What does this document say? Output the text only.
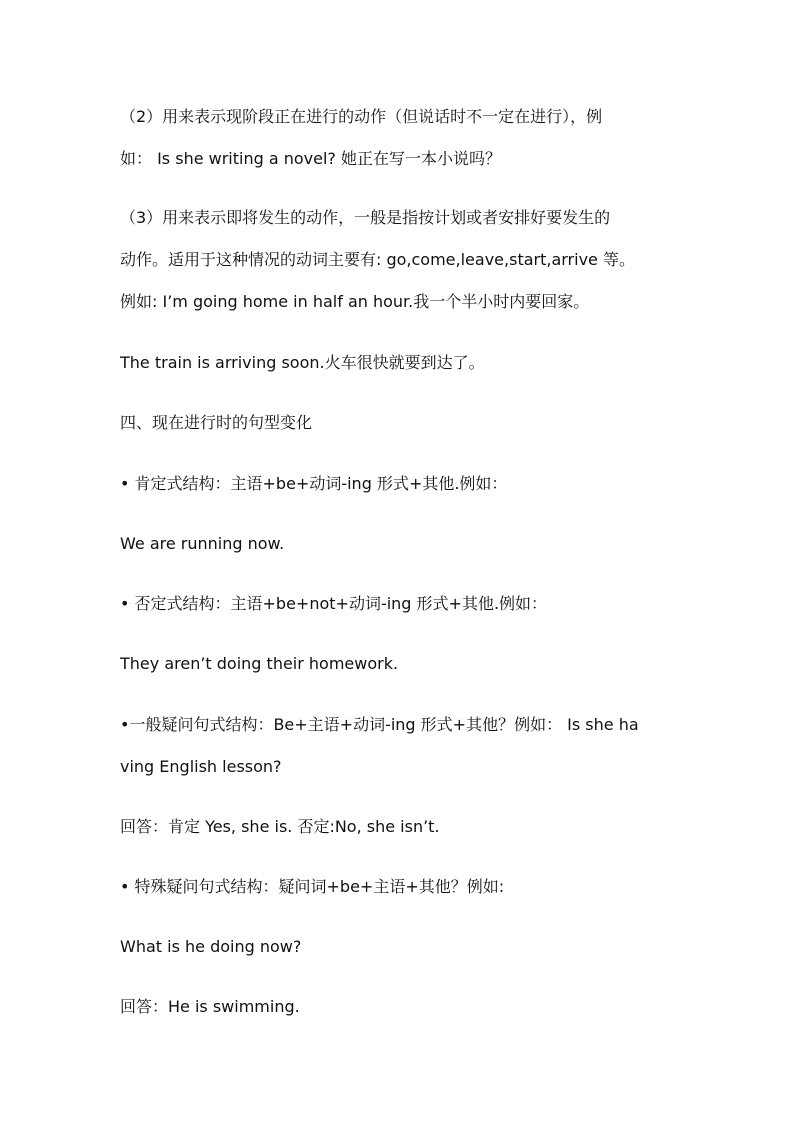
（2）用来表示现阶段正在进行的动作（但说话时不一定在进行），例
如： Is she writing a novel? 她正在写一本小说吗？
（3）用来表示即将发生的动作，一般是指按计划或者安排好要发生的
动作。适用于这种情况的动词主要有: go,come,leave,start,arrive 等。
例如: I’m going home in half an hour.我一个半小时内要回家。
The train is arriving soon.火车很快就要到达了。
四、现在进行时的句型变化
• 肯定式结构：主语+be+动词-ing 形式+其他.例如：
We are running now.
• 否定式结构：主语+be+not+动词-ing 形式+其他.例如：
They aren’t doing their homework.
•一般疑问句式结构：Be+主语+动词-ing 形式+其他？例如： Is she ha
ving English lesson?
回答：肯定 Yes, she is. 否定:No, she isn’t.
• 特殊疑问句式结构：疑问词+be+主语+其他？例如:
What is he doing now?
回答：He is swimming.
